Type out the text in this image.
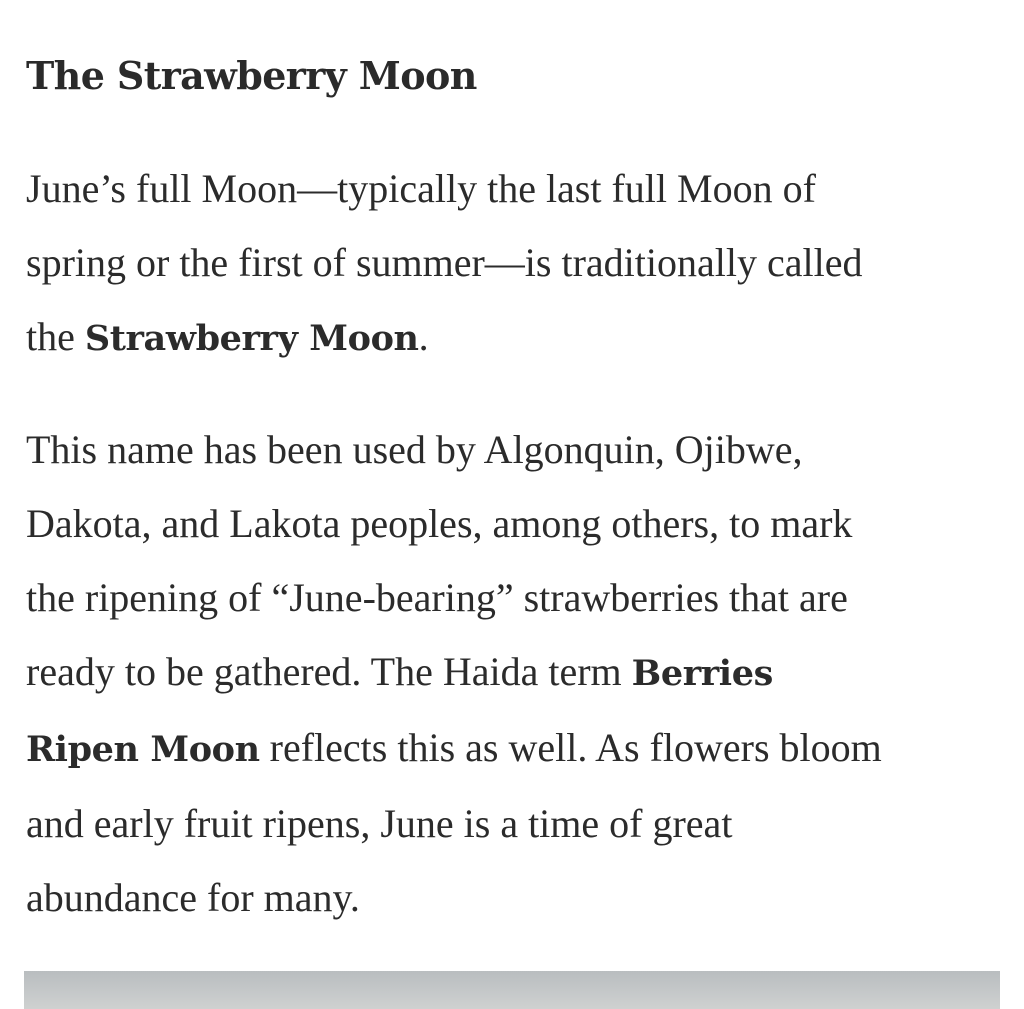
The Strawberry Moon

June’s full Moon—typically the last full Moon of
spring or the first of summer—is traditionally called
the Strawberry Moon.

This name has been used by Algonquin, Ojibwe,
Dakota, and Lakota peoples, among others, to mark
the ripening of “June-bearing” strawberries that are
ready to be gathered. The Haida term Berries
Ripen Moon reflects this as well. As flowers bloom
and early fruit ripens, June is a time of great
abundance for many.
